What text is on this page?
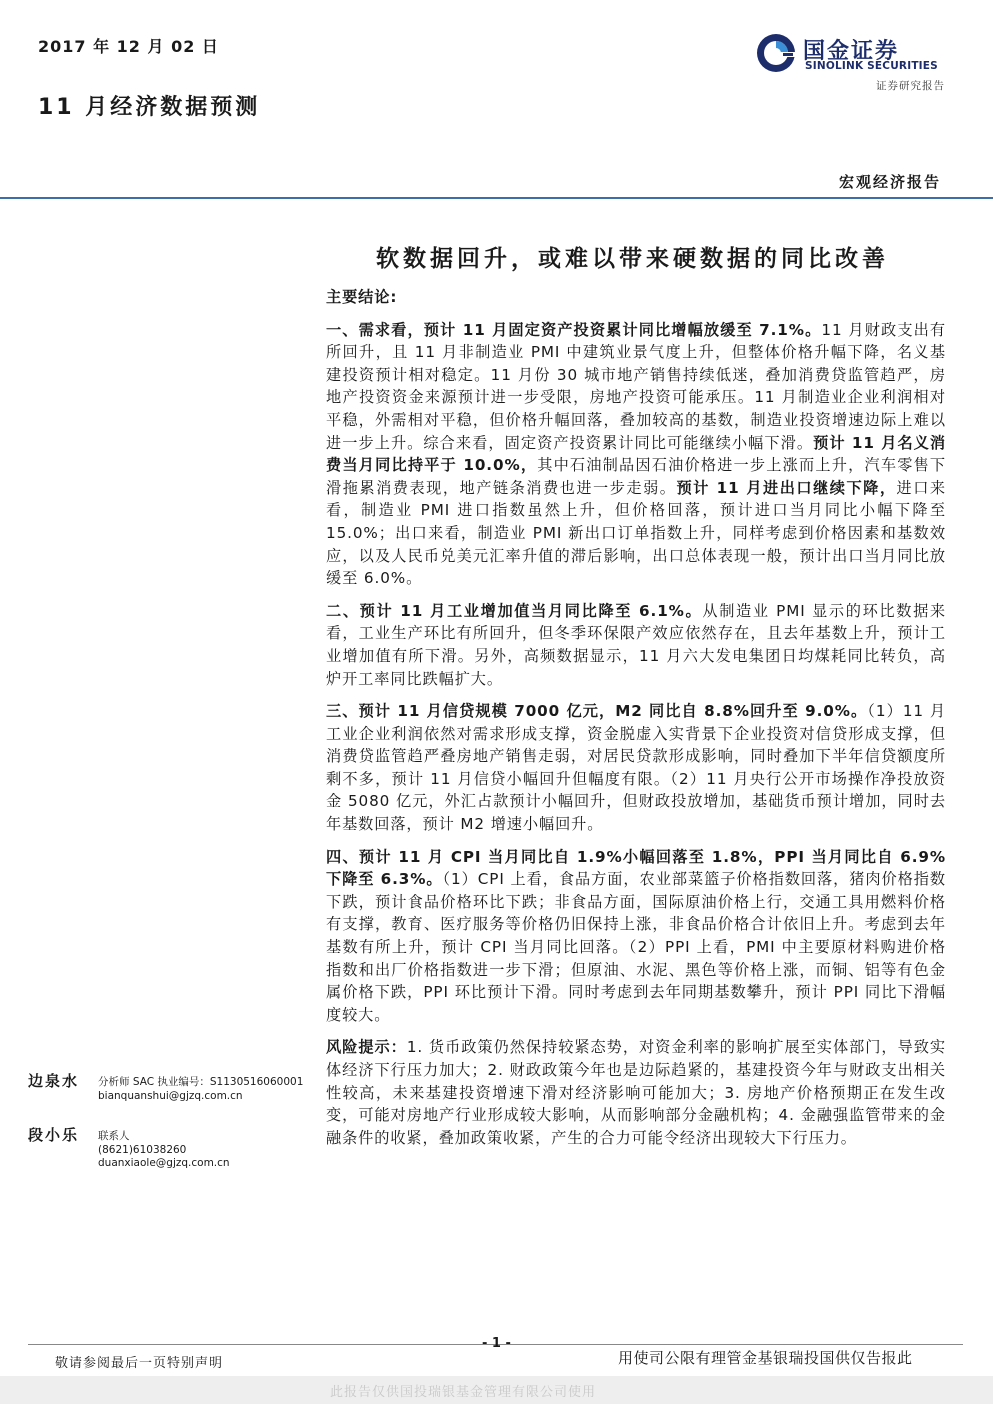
2017 年 12 月 02 日
11 月经济数据预测
国金证券
SINOLINK SECURITIES
证券研究报告
宏观经济报告
软数据回升，或难以带来硬数据的同比改善

主要结论:

一、需求看，预计 11 月固定资产投资累计同比增幅放缓至 7.1%。11 月财政支出有所回升，且 11 月非制造业 PMI 中建筑业景气度上升，但整体价格升幅下降，名义基建投资预计相对稳定。11 月份 30 城市地产销售持续低迷，叠加消费贷监管趋严，房地产投资资金来源预计进一步受限，房地产投资可能承压。11 月制造业企业利润相对平稳，外需相对平稳，但价格升幅回落，叠加较高的基数，制造业投资增速边际上难以进一步上升。综合来看，固定资产投资累计同比可能继续小幅下滑。预计 11 月名义消费当月同比持平于 10.0%，其中石油制品因石油价格进一步上涨而上升，汽车零售下滑拖累消费表现，地产链条消费也进一步走弱。预计 11 月进出口继续下降，进口来看，制造业 PMI 进口指数虽然上升，但价格回落，预计进口当月同比小幅下降至 15.0%；出口来看，制造业 PMI 新出口订单指数上升，同样考虑到价格因素和基数效应，以及人民币兑美元汇率升值的滞后影响，出口总体表现一般，预计出口当月同比放缓至 6.0%。

二、预计 11 月工业增加值当月同比降至 6.1%。从制造业 PMI 显示的环比数据来看，工业生产环比有所回升，但冬季环保限产效应依然存在，且去年基数上升，预计工业增加值有所下滑。另外，高频数据显示，11 月六大发电集团日均煤耗同比转负，高炉开工率同比跌幅扩大。

三、预计 11 月信贷规模 7000 亿元，M2 同比自 8.8%回升至 9.0%。（1）11 月工业企业利润依然对需求形成支撑，资金脱虚入实背景下企业投资对信贷形成支撑，但消费贷监管趋严叠房地产销售走弱，对居民贷款形成影响，同时叠加下半年信贷额度所剩不多，预计 11 月信贷小幅回升但幅度有限。（2）11 月央行公开市场操作净投放资金 5080 亿元，外汇占款预计小幅回升，但财政投放增加，基础货币预计增加，同时去年基数回落，预计 M2 增速小幅回升。

四、预计 11 月 CPI 当月同比自 1.9%小幅回落至 1.8%，PPI 当月同比自 6.9%下降至 6.3%。（1）CPI 上看，食品方面，农业部菜篮子价格指数回落，猪肉价格指数下跌，预计食品价格环比下跌；非食品方面，国际原油价格上行，交通工具用燃料价格有支撑，教育、医疗服务等价格仍旧保持上涨，非食品价格合计依旧上升。考虑到去年基数有所上升，预计 CPI 当月同比回落。（2）PPI 上看，PMI 中主要原材料购进价格指数和出厂价格指数进一步下滑；但原油、水泥、黑色等价格上涨，而铜、铝等有色金属价格下跌，PPI 环比预计下滑。同时考虑到去年同期基数攀升，预计 PPI 同比下滑幅度较大。

风险提示：1. 货币政策仍然保持较紧态势，对资金利率的影响扩展至实体部门，导致实体经济下行压力加大；2. 财政政策今年也是边际趋紧的，基建投资今年与财政支出相关性较高，未来基建投资增速下滑对经济影响可能加大；3. 房地产价格预期正在发生改变，可能对房地产行业形成较大影响，从而影响部分金融机构；4. 金融强监管带来的金融条件的收紧，叠加政策收紧，产生的合力可能令经济出现较大下行压力。

边泉水 分析师 SAC 执业编号：S1130516060001
bianquanshui@gjzq.com.cn
段小乐 联系人
(8621)61038260
duanxiaole@gjzq.com.cn
- 1 -
敬请参阅最后一页特别声明	用使司公限有理管金基银瑞投国供仅告报此
此报告仅供国投瑞银基金管理有限公司使用
